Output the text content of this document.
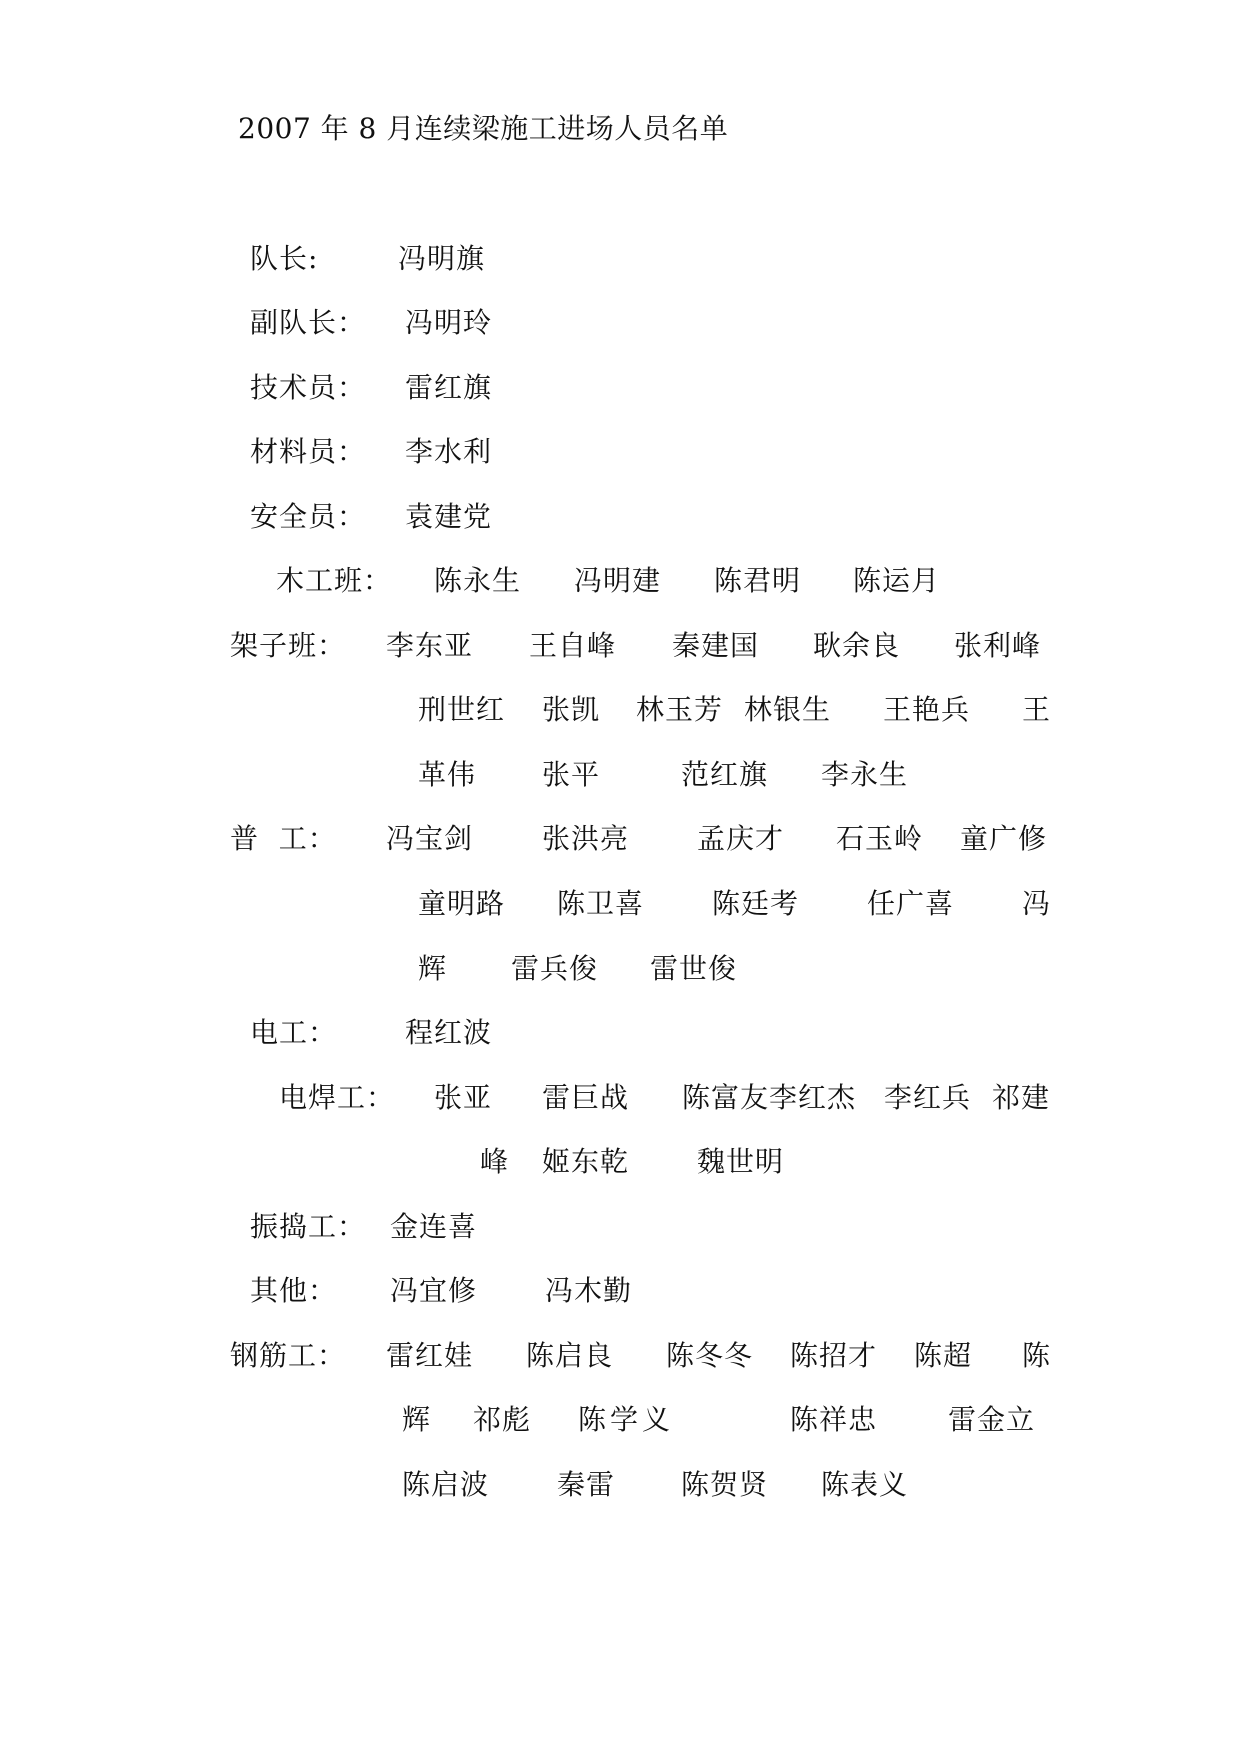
2007 年 8 月连续梁施工进场人员名单
队长:	冯明旗
副队长： 冯明玲
技术员： 雷红旗
材料员： 李水利
安全员： 袁建党
木工班： 陈永生 冯明建 陈君明 陈运月
架子班： 李东亚 王自峰 秦建国 耿余良 张利峰
刑世红 张凯 林玉芳 林银生 王艳兵 王
革伟 张平	范红旗 李永生
普  工： 冯宝剑 张洪亮 孟庆才 石玉岭 童广修
童明路 陈卫喜 陈廷考 任广喜 冯
辉 雷兵俊 雷世俊
电工： 程红波
电焊工： 张亚 雷巨战 陈富友李红杰 李红兵 祁建
峰 姬东乾 魏世明
振捣工： 金连喜
其他： 冯宜修 冯木勤
钢筋工： 雷红娃 陈启良 陈冬冬 陈招才 陈超 陈
辉 祁彪 陈学义	陈祥忠	雷金立
陈启波 秦雷 陈贺贤 陈表义
